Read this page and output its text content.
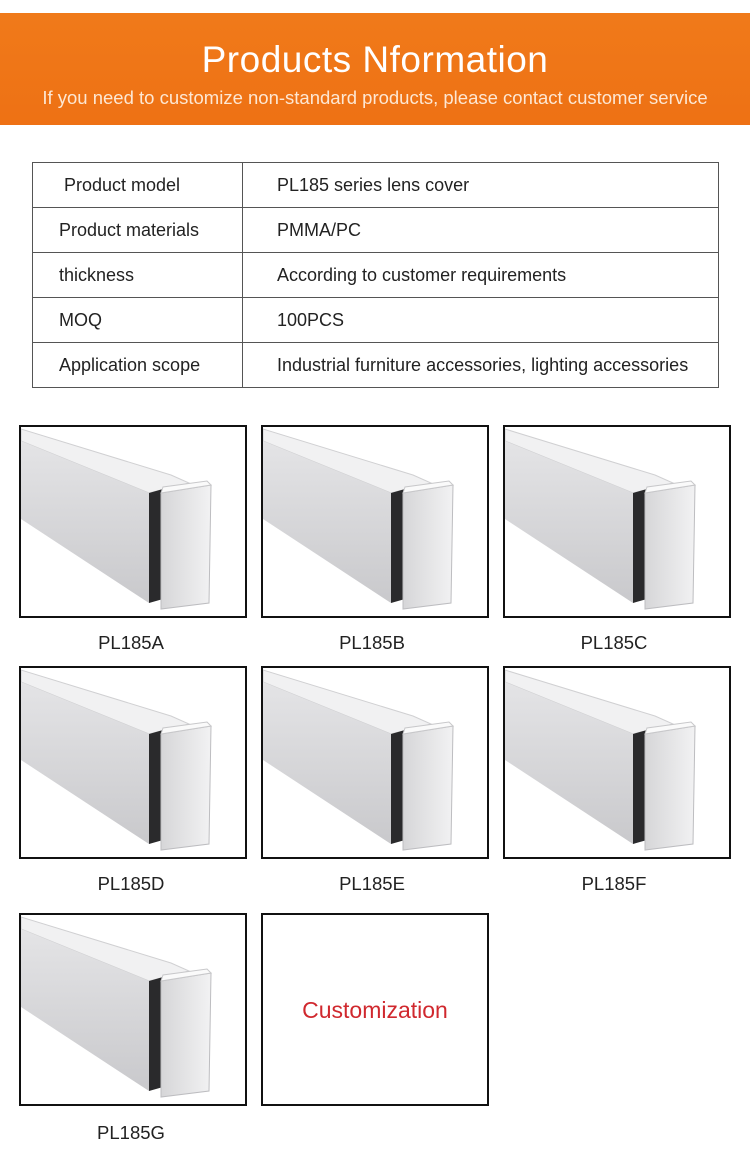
Products Nformation
If you need to customize non-standard products, please contact customer service
Product model	PL185 series lens cover
Product materials	PMMA/PC
thickness	According to customer requirements
MOQ	100PCS
Application scope	Industrial furniture accessories, lighting accessories
PL185A	PL185B	PL185C
PL185D	PL185E	PL185F
PL185G
Customization
